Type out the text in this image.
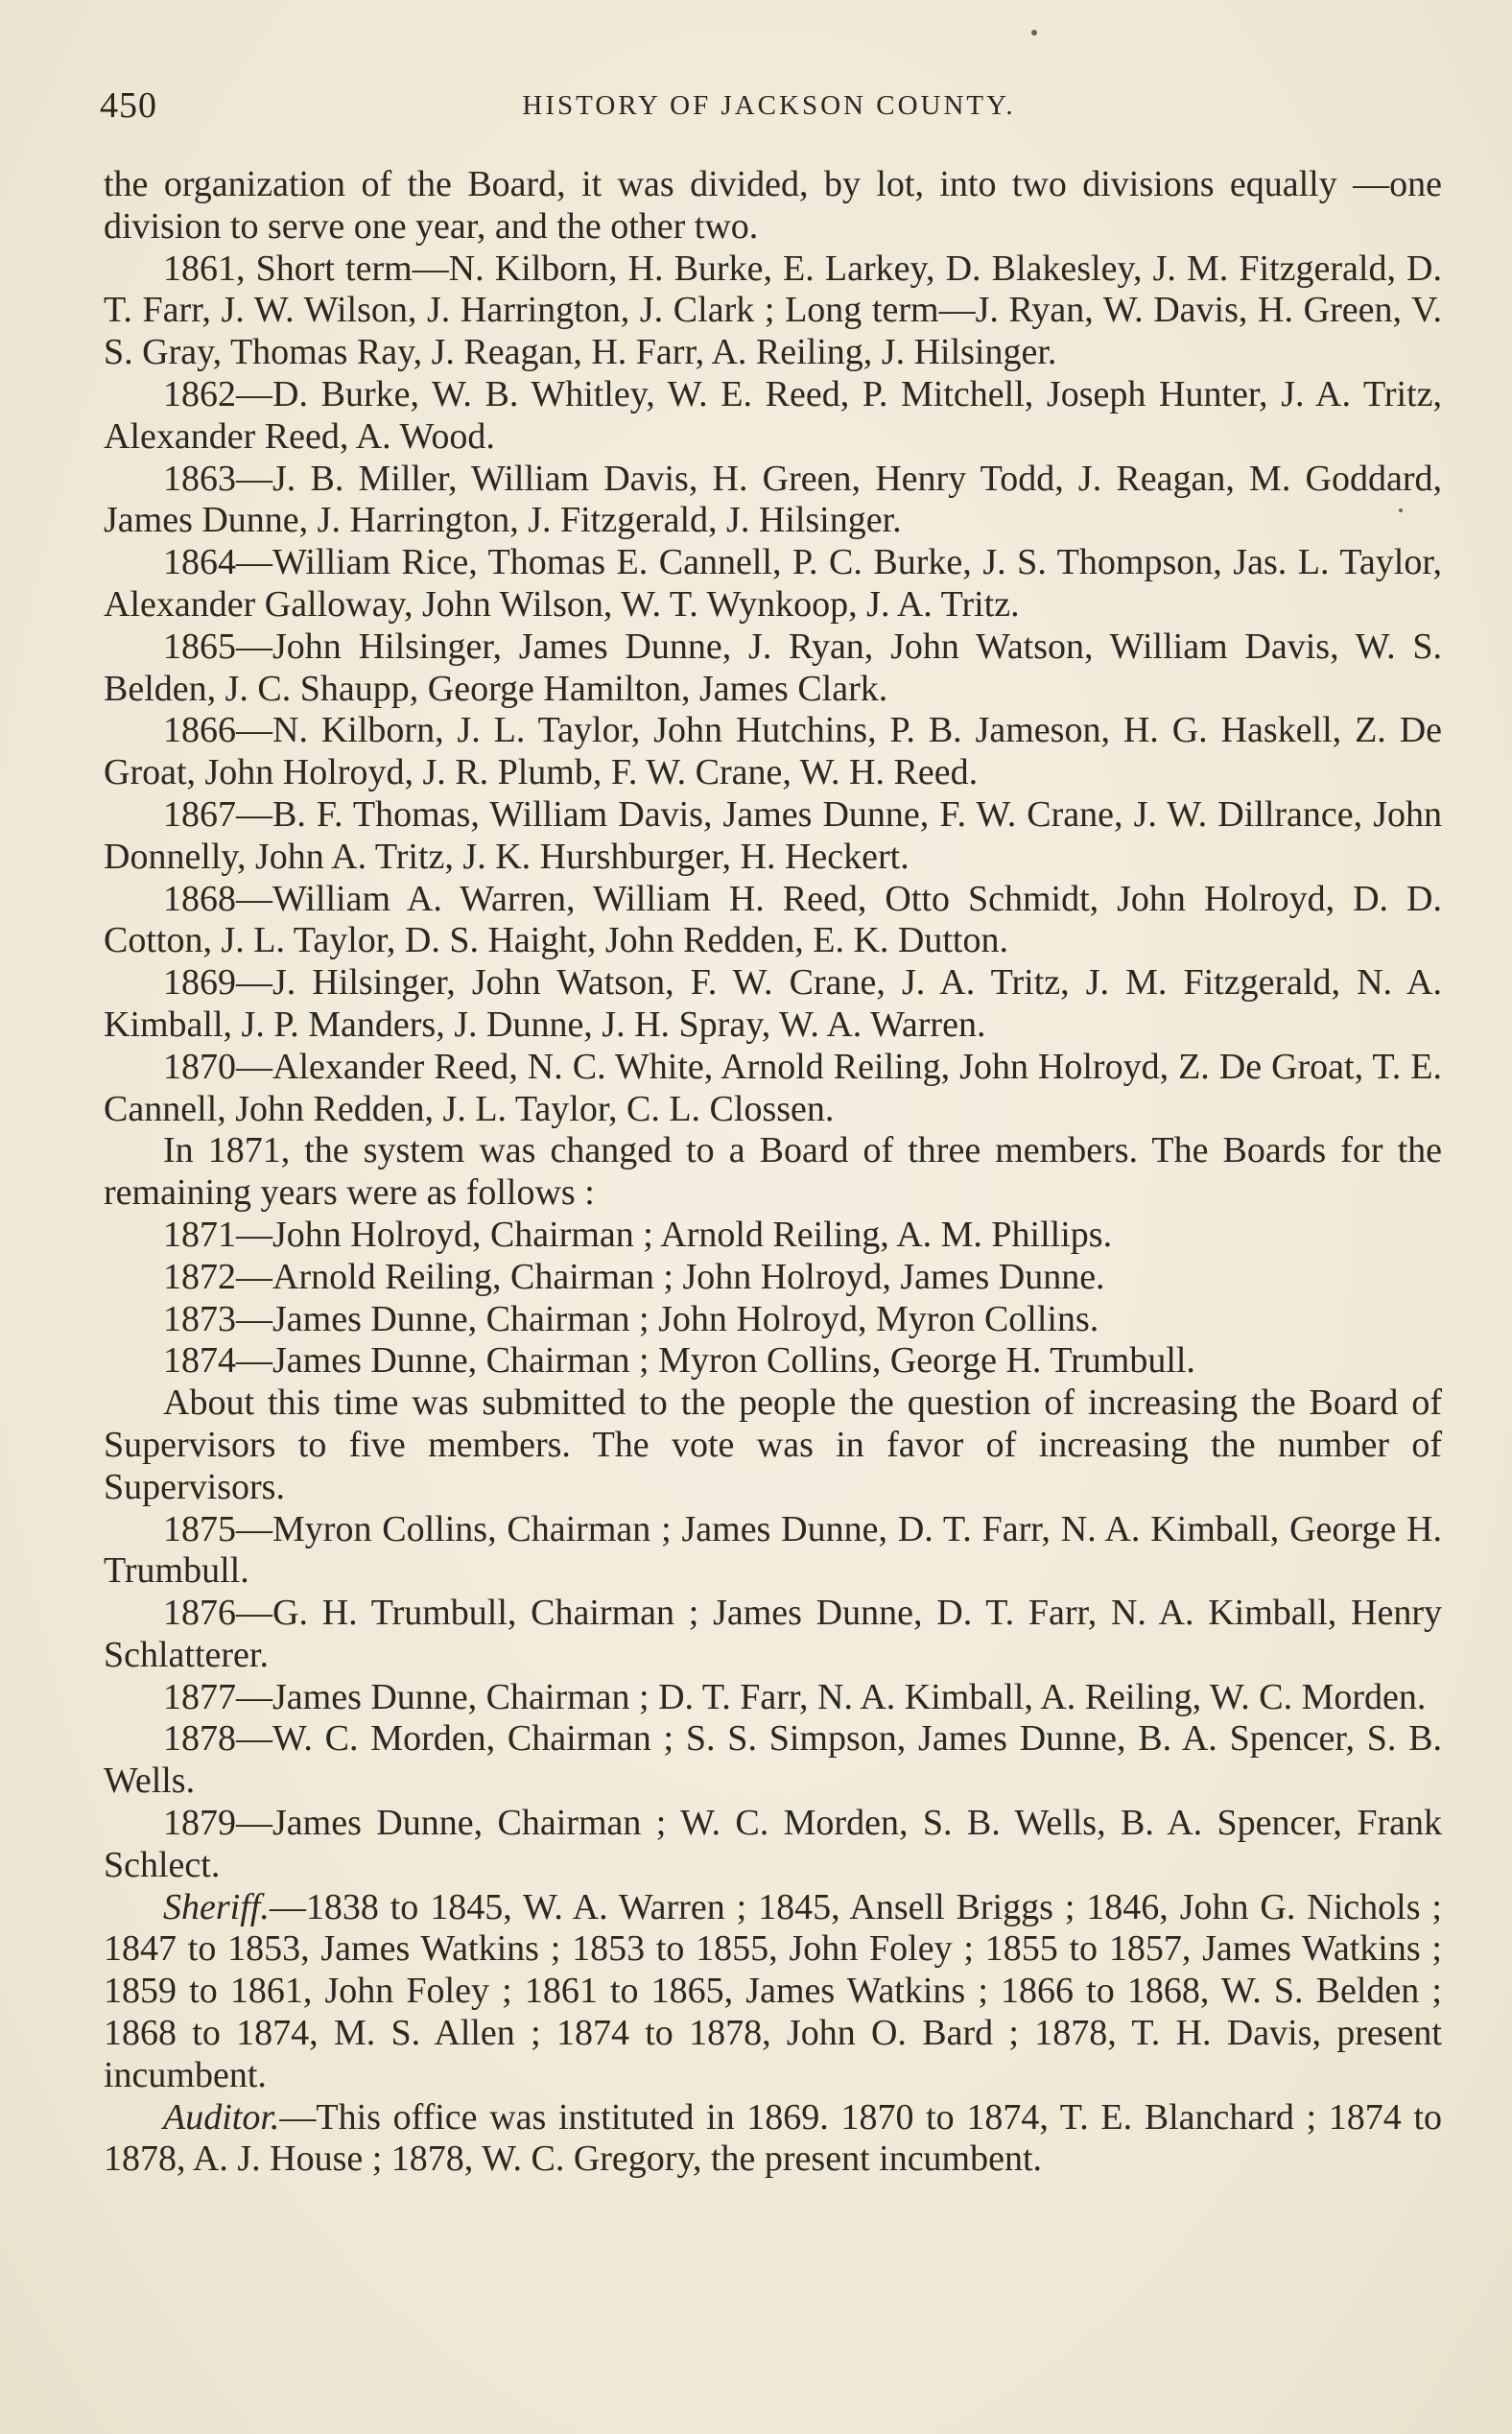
450	HISTORY OF JACKSON COUNTY.

the organization of the Board, it was divided, by lot, into two divisions equally —one division to serve one year, and the other two.

1861, Short term—N. Kilborn, H. Burke, E. Larkey, D. Blakesley, J. M. Fitzgerald, D. T. Farr, J. W. Wilson, J. Harrington, J. Clark ; Long term—J. Ryan, W. Davis, H. Green, V. S. Gray, Thomas Ray, J. Reagan, H. Farr, A. Reiling, J. Hilsinger.

1862—D. Burke, W. B. Whitley, W. E. Reed, P. Mitchell, Joseph Hunter, J. A. Tritz, Alexander Reed, A. Wood.

1863—J. B. Miller, William Davis, H. Green, Henry Todd, J. Reagan, M. Goddard, James Dunne, J. Harrington, J. Fitzgerald, J. Hilsinger.

1864—William Rice, Thomas E. Cannell, P. C. Burke, J. S. Thompson, Jas. L. Taylor, Alexander Galloway, John Wilson, W. T. Wynkoop, J. A. Tritz.

1865—John Hilsinger, James Dunne, J. Ryan, John Watson, William Davis, W. S. Belden, J. C. Shaupp, George Hamilton, James Clark.

1866—N. Kilborn, J. L. Taylor, John Hutchins, P. B. Jameson, H. G. Haskell, Z. De Groat, John Holroyd, J. R. Plumb, F. W. Crane, W. H. Reed.

1867—B. F. Thomas, William Davis, James Dunne, F. W. Crane, J. W. Dillrance, John Donnelly, John A. Tritz, J. K. Hurshburger, H. Heckert.

1868—William A. Warren, William H. Reed, Otto Schmidt, John Holroyd, D. D. Cotton, J. L. Taylor, D. S. Haight, John Redden, E. K. Dutton.

1869—J. Hilsinger, John Watson, F. W. Crane, J. A. Tritz, J. M. Fitzgerald, N. A. Kimball, J. P. Manders, J. Dunne, J. H. Spray, W. A. Warren.

1870—Alexander Reed, N. C. White, Arnold Reiling, John Holroyd, Z. De Groat, T. E. Cannell, John Redden, J. L. Taylor, C. L. Clossen.

In 1871, the system was changed to a Board of three members. The Boards for the remaining years were as follows :

1871—John Holroyd, Chairman ; Arnold Reiling, A. M. Phillips.

1872—Arnold Reiling, Chairman ; John Holroyd, James Dunne.

1873—James Dunne, Chairman ; John Holroyd, Myron Collins.

1874—James Dunne, Chairman ; Myron Collins, George H. Trumbull.

About this time was submitted to the people the question of increasing the Board of Supervisors to five members. The vote was in favor of increasing the number of Supervisors.

1875—Myron Collins, Chairman ; James Dunne, D. T. Farr, N. A. Kimball, George H. Trumbull.

1876—G. H. Trumbull, Chairman ; James Dunne, D. T. Farr, N. A. Kimball, Henry Schlatterer.

1877—James Dunne, Chairman ; D. T. Farr, N. A. Kimball, A. Reiling, W. C. Morden.

1878—W. C. Morden, Chairman ; S. S. Simpson, James Dunne, B. A. Spencer, S. B. Wells.

1879—James Dunne, Chairman ; W. C. Morden, S. B. Wells, B. A. Spencer, Frank Schlect.

Sheriff.—1838 to 1845, W. A. Warren ; 1845, Ansell Briggs ; 1846, John G. Nichols ; 1847 to 1853, James Watkins ; 1853 to 1855, John Foley ; 1855 to 1857, James Watkins ; 1859 to 1861, John Foley ; 1861 to 1865, James Watkins ; 1866 to 1868, W. S. Belden ; 1868 to 1874, M. S. Allen ; 1874 to 1878, John O. Bard ; 1878, T. H. Davis, present incumbent.

Auditor.—This office was instituted in 1869. 1870 to 1874, T. E. Blanchard ; 1874 to 1878, A. J. House ; 1878, W. C. Gregory, the present incumbent.
